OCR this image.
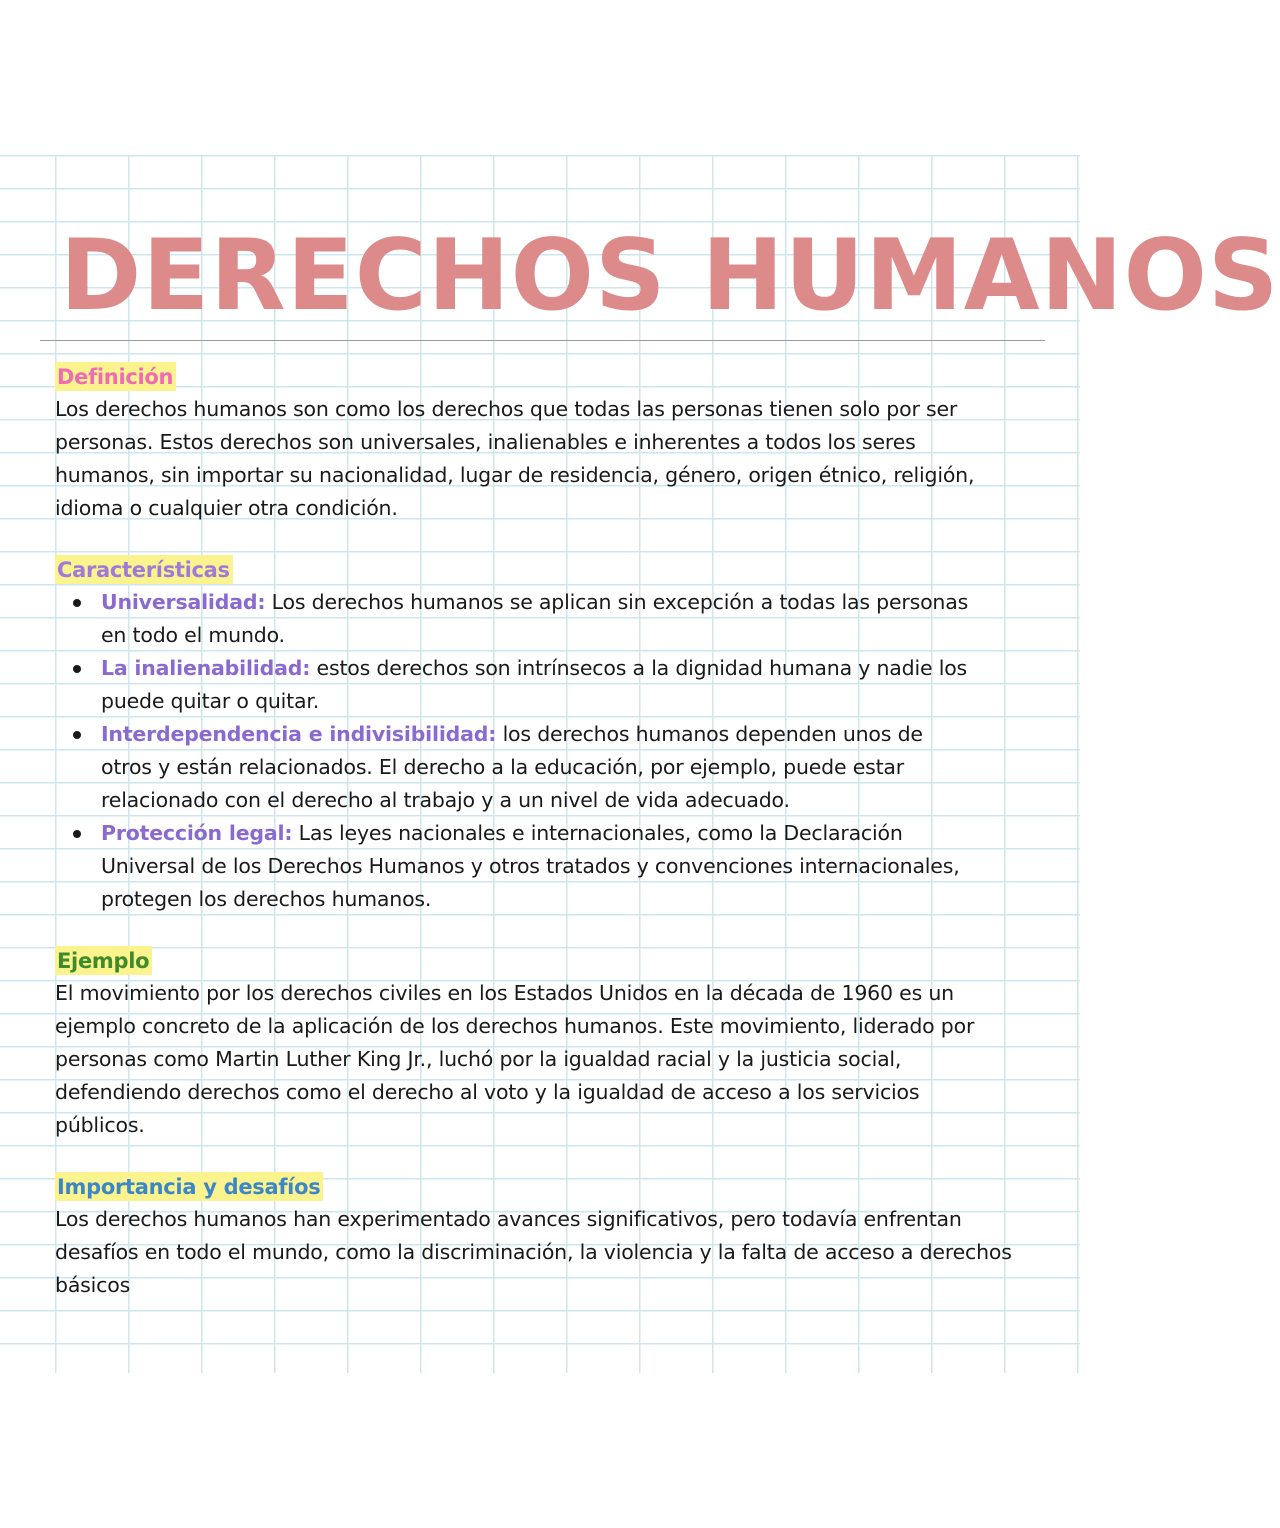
DERECHOS HUMANOS
Definición

Los derechos humanos son como los derechos que todas las personas tienen solo por ser personas. Estos derechos son universales, inalienables e inherentes a todos los seres humanos, sin importar su nacionalidad, lugar de residencia, género, origen étnico, religión, idioma o cualquier otra condición.

Características
Universalidad: Los derechos humanos se aplican sin excepción a todas las personas en todo el mundo.
La inalienabilidad: estos derechos son intrínsecos a la dignidad humana y nadie los puede quitar o quitar.
Interdependencia e indivisibilidad: los derechos humanos dependen unos de otros y están relacionados. El derecho a la educación, por ejemplo, puede estar relacionado con el derecho al trabajo y a un nivel de vida adecuado.
Protección legal: Las leyes nacionales e internacionales, como la Declaración Universal de los Derechos Humanos y otros tratados y convenciones internacionales, protegen los derechos humanos.
Ejemplo

El movimiento por los derechos civiles en los Estados Unidos en la década de 1960 es un ejemplo concreto de la aplicación de los derechos humanos. Este movimiento, liderado por personas como Martin Luther King Jr., luchó por la igualdad racial y la justicia social, defendiendo derechos como el derecho al voto y la igualdad de acceso a los servicios públicos.

Importancia y desafíos

Los derechos humanos han experimentado avances significativos, pero todavía enfrentan desafíos en todo el mundo, como la discriminación, la violencia y la falta de acceso a derechos básicos
